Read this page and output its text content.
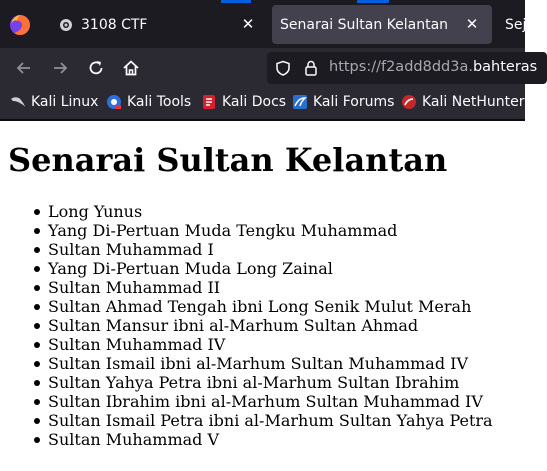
3108 CTF	✕ Senarai Sultan Kelantan ✕ Sej
https://f2add8dd3a.bahteras
Kali Linux Kali Tools Kali Docs Kali Forums Kali NetHunter
Senarai Sultan Kelantan
Long Yunus
Yang Di-Pertuan Muda Tengku Muhammad
Sultan Muhammad I
Yang Di-Pertuan Muda Long Zainal
Sultan Muhammad II
Sultan Ahmad Tengah ibni Long Senik Mulut Merah
Sultan Mansur ibni al-Marhum Sultan Ahmad
Sultan Muhammad IV
Sultan Ismail ibni al-Marhum Sultan Muhammad IV
Sultan Yahya Petra ibni al-Marhum Sultan Ibrahim
Sultan Ibrahim ibni al-Marhum Sultan Muhammad IV
Sultan Ismail Petra ibni al-Marhum Sultan Yahya Petra
Sultan Muhammad V
